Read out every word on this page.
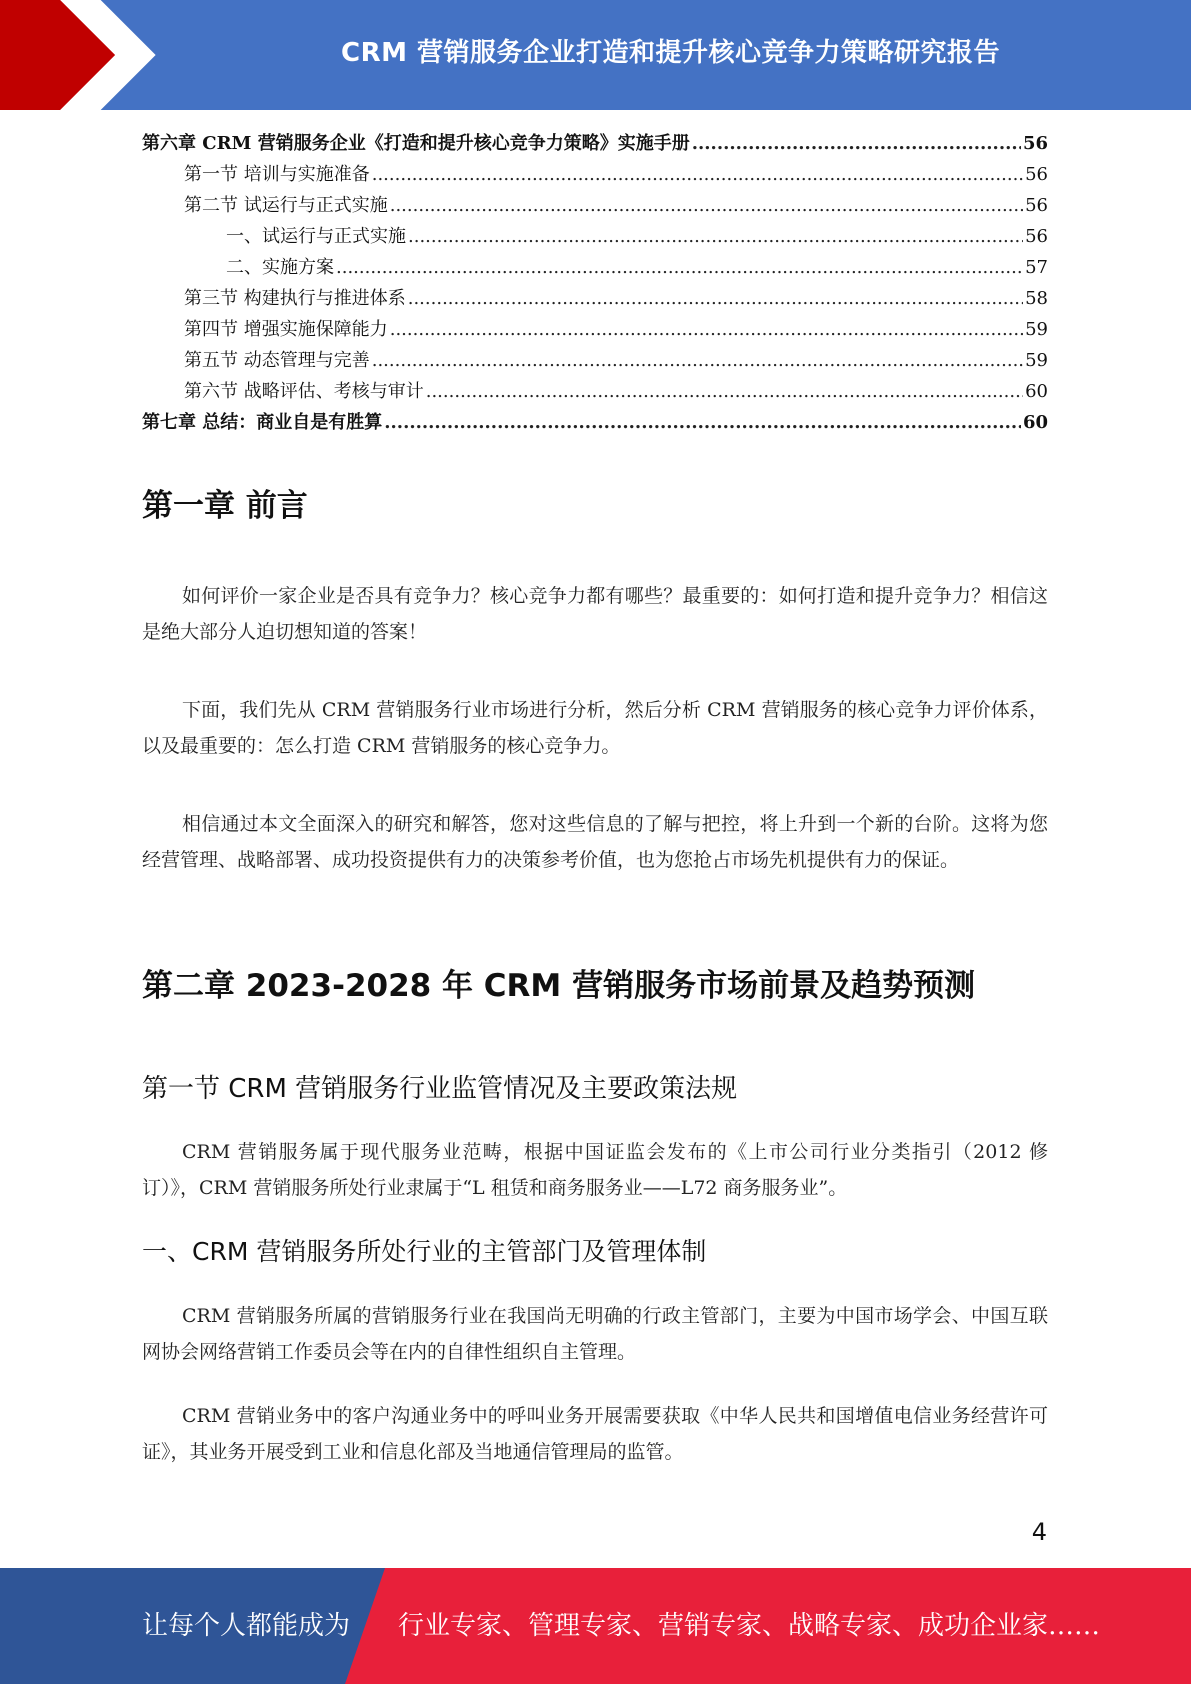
CRM 营销服务企业打造和提升核心竞争力策略研究报告
第六章 CRM 营销服务企业《打造和提升核心竞争力策略》实施手册 .....	56
第一节 培训与实施准备 .....	56
第二节 试运行与正式实施 .....	56
一、试运行与正式实施 .....	56
二、实施方案 .....	57
第三节 构建执行与推进体系 .....	58
第四节 增强实施保障能力 .....	59
第五节 动态管理与完善 .....	59
第六节 战略评估、考核与审计 .....	60
第七章 总结：商业自是有胜算 .....	60
第一章 前言
如何评价一家企业是否具有竞争力？核心竞争力都有哪些？最重要的：如何打造和提升竞争力？相信这是绝大部分人迫切想知道的答案！
下面，我们先从 CRM 营销服务行业市场进行分析，然后分析 CRM 营销服务的核心竞争力评价体系，以及最重要的：怎么打造 CRM 营销服务的核心竞争力。
相信通过本文全面深入的研究和解答，您对这些信息的了解与把控，将上升到一个新的台阶。这将为您经营管理、战略部署、成功投资提供有力的决策参考价值，也为您抢占市场先机提供有力的保证。
第二章 2023-2028 年 CRM 营销服务市场前景及趋势预测
第一节 CRM 营销服务行业监管情况及主要政策法规
CRM 营销服务属于现代服务业范畴，根据中国证监会发布的《上市公司行业分类指引（2012 修订）》，CRM 营销服务所处行业隶属于“L 租赁和商务服务业——L72 商务服务业”。
一、CRM 营销服务所处行业的主管部门及管理体制
CRM 营销服务所属的营销服务行业在我国尚无明确的行政主管部门，主要为中国市场学会、中国互联网协会网络营销工作委员会等在内的自律性组织自主管理。
CRM 营销业务中的客户沟通业务中的呼叫业务开展需要获取《中华人民共和国增值电信业务经营许可证》，其业务开展受到工业和信息化部及当地通信管理局的监管。
4
让每个人都能成为 行业专家、管理专家、营销专家、战略专家、成功企业家……
